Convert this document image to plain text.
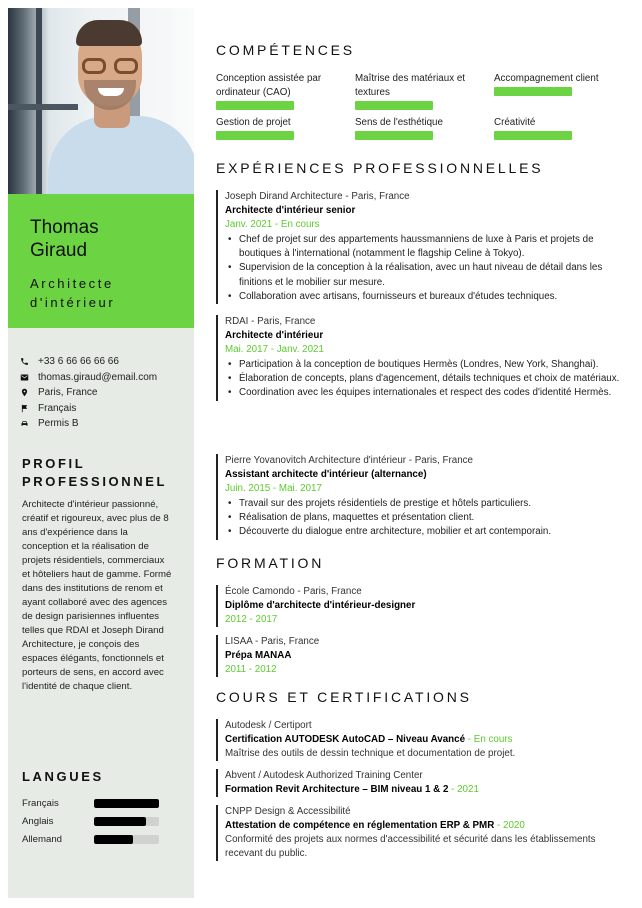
Thomas
Giraud
Architecte
d'intérieur
+33 6 66 66 66 66
thomas.giraud@email.com
Paris, France
Français
Permis B
PROFIL
PROFESSIONNEL
Architecte d'intérieur passionné, créatif et rigoureux, avec plus de 8 ans d'expérience dans la conception et la réalisation de projets résidentiels, commerciaux et hôteliers haut de gamme. Formé dans des institutions de renom et ayant collaboré avec des agences de design parisiennes influentes telles que RDAI et Joseph Dirand Architecture, je conçois des espaces élégants, fonctionnels et porteurs de sens, en accord avec l'identité de chaque client.
LANGUES
Français
Anglais
Allemand
COMPÉTENCES
Conception assistée par ordinateur (CAO)
Maîtrise des matériaux et textures
Accompagnement client
Gestion de projet	Sens de l'esthétique	Créativité
EXPÉRIENCES PROFESSIONNELLES
Joseph Dirand Architecture - Paris, France
Architecte d'intérieur senior
Janv. 2021 - En cours
• Chef de projet sur des appartements haussmanniens de luxe à Paris et projets de boutiques à l'international (notamment le flagship Celine à Tokyo).
• Supervision de la conception à la réalisation, avec un haut niveau de détail dans les finitions et le mobilier sur mesure.
• Collaboration avec artisans, fournisseurs et bureaux d'études techniques.
RDAI - Paris, France
Architecte d'intérieur
Mai. 2017 - Janv. 2021
• Participation à la conception de boutiques Hermès (Londres, New York, Shanghai).
• Élaboration de concepts, plans d'agencement, détails techniques et choix de matériaux.
• Coordination avec les équipes internationales et respect des codes d'identité Hermès.
Pierre Yovanovitch Architecture d'intérieur - Paris, France
Assistant architecte d'intérieur (alternance)
Juin. 2015 - Mai. 2017
• Travail sur des projets résidentiels de prestige et hôtels particuliers.
• Réalisation de plans, maquettes et présentation client.
• Découverte du dialogue entre architecture, mobilier et art contemporain.
FORMATION
École Camondo - Paris, France
Diplôme d'architecte d'intérieur-designer
2012 - 2017
LISAA - Paris, France
Prépa MANAA
2011 - 2012
COURS ET CERTIFICATIONS
Autodesk / Certiport
Certification AUTODESK AutoCAD – Niveau Avancé - En cours
Maîtrise des outils de dessin technique et documentation de projet.
Abvent / Autodesk Authorized Training Center
Formation Revit Architecture – BIM niveau 1 & 2 - 2021
CNPP Design & Accessibilité
Attestation de compétence en réglementation ERP & PMR - 2020
Conformité des projets aux normes d'accessibilité et sécurité dans les établissements recevant du public.
